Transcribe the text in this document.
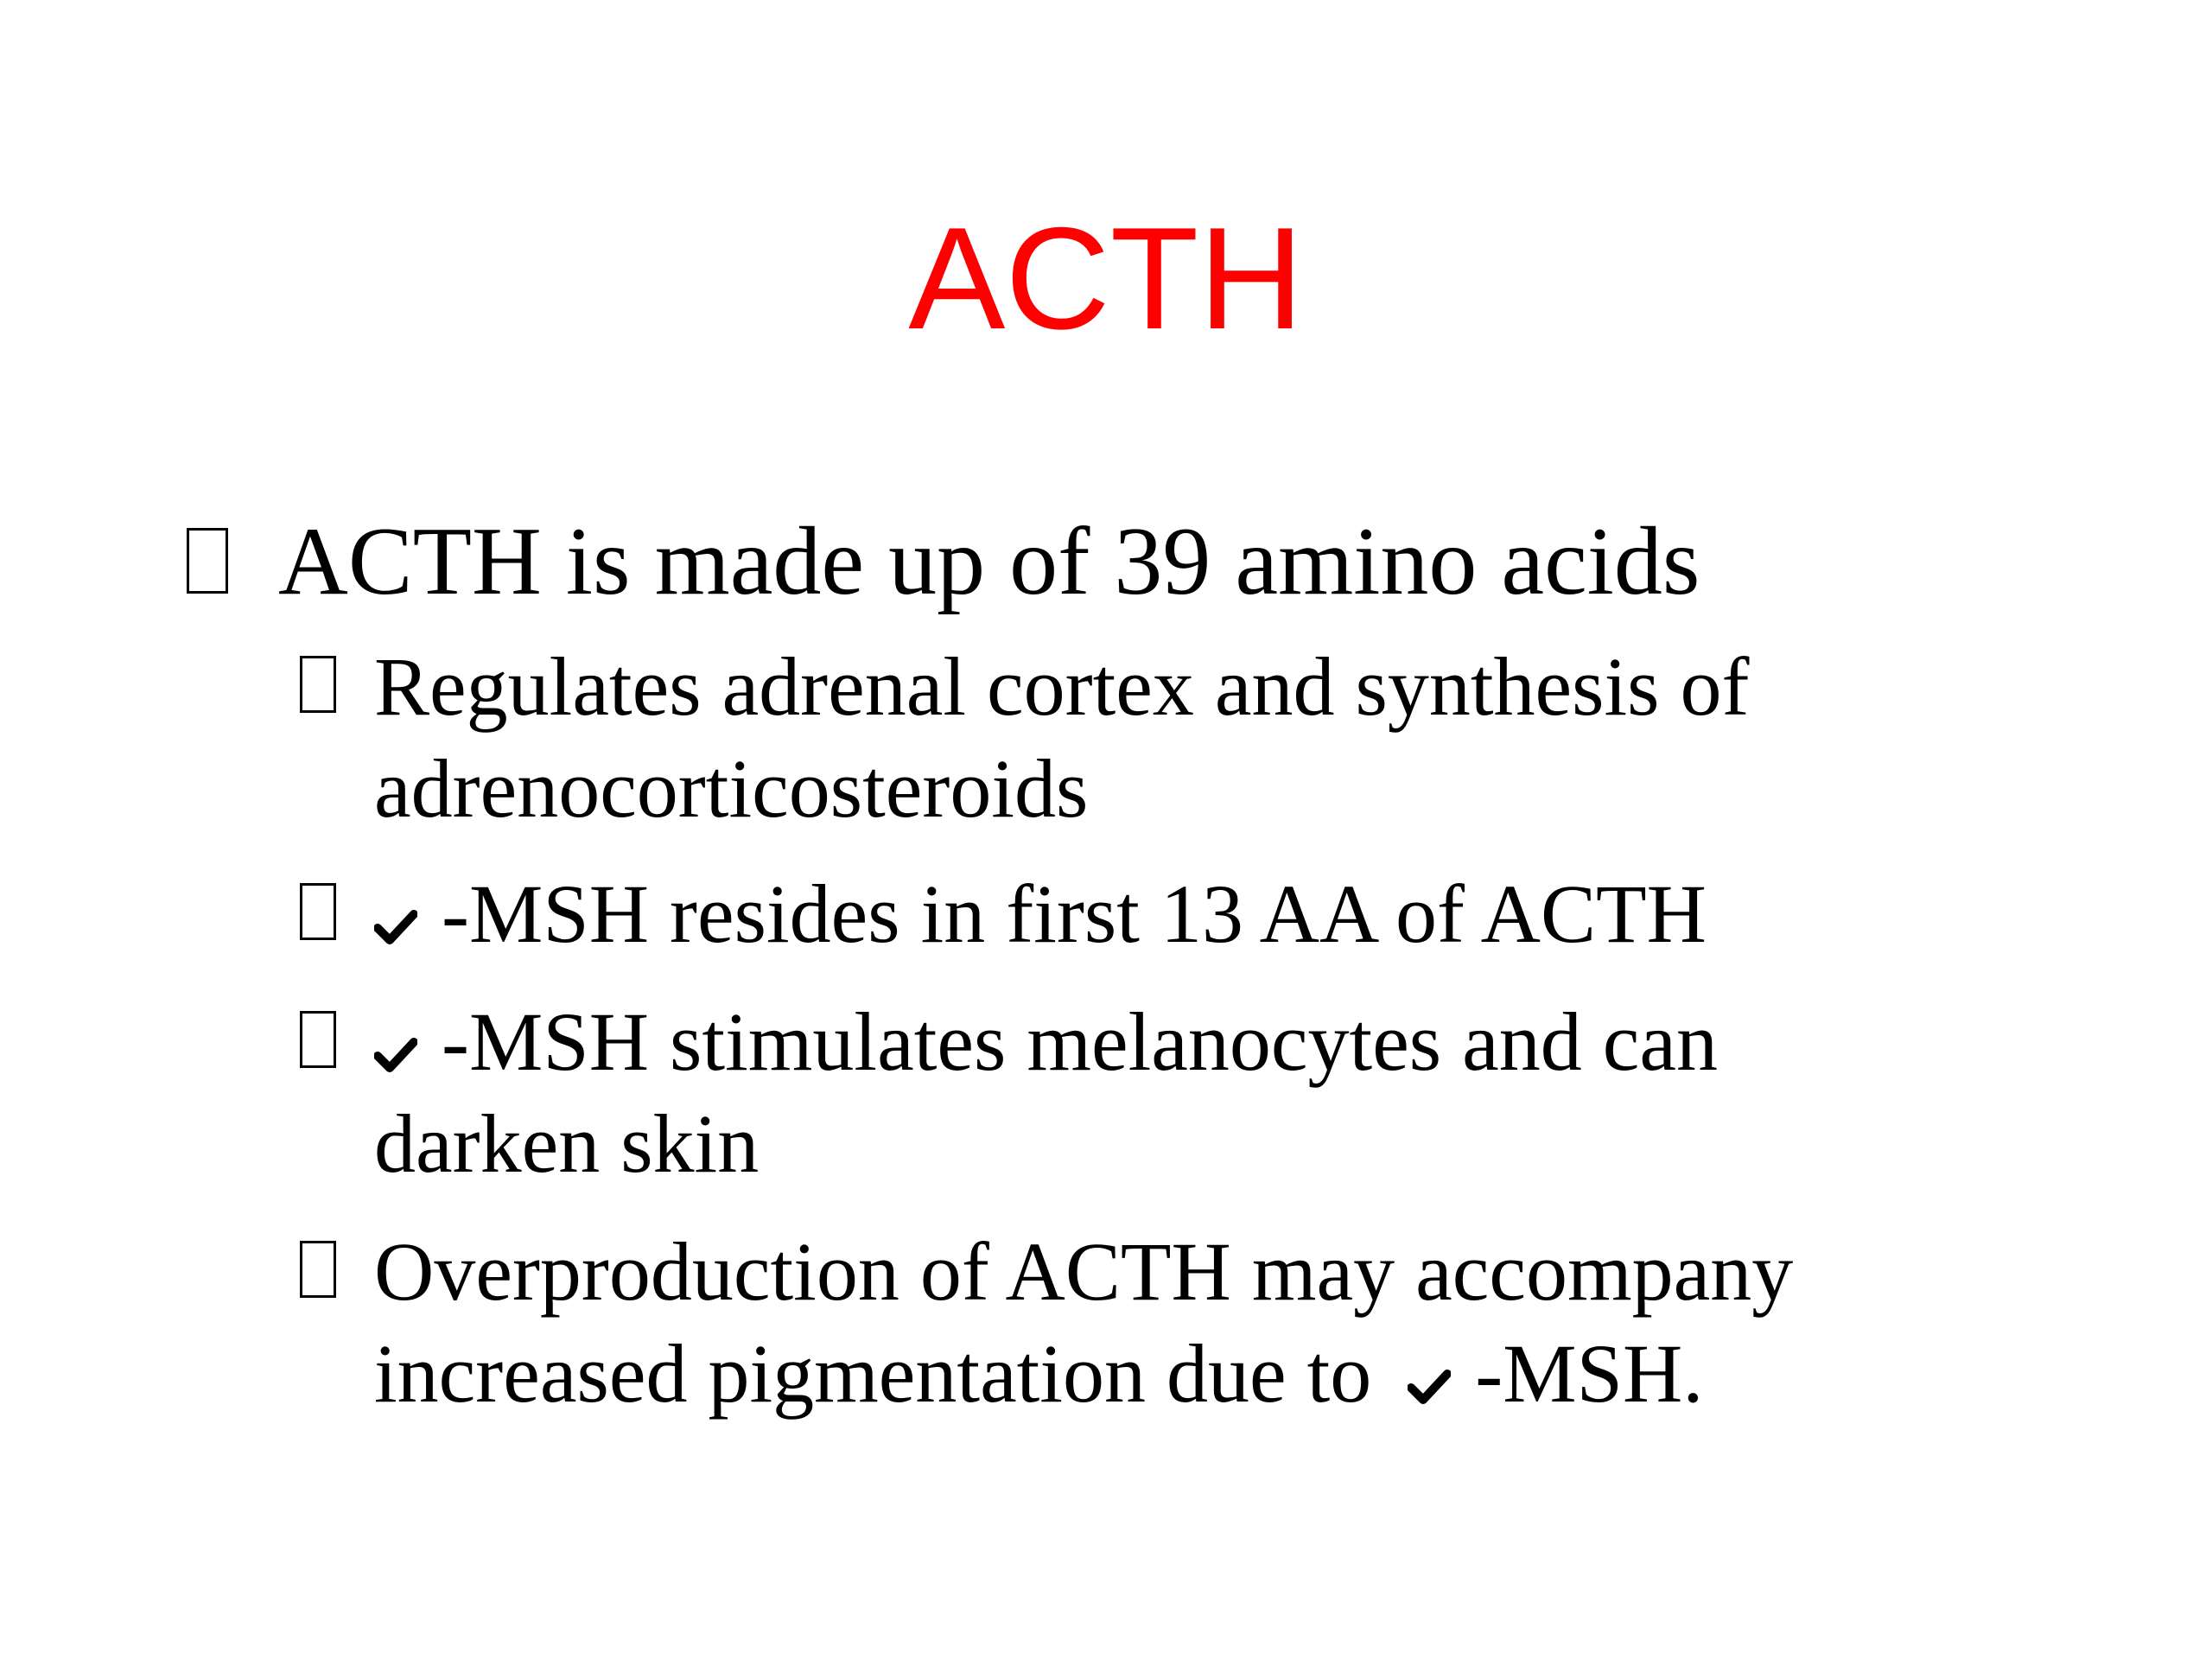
ACTH
ACTH is made up of 39 amino acids
Regulates adrenal cortex and synthesis of
adrenocorticosteroids
-MSH resides in first 13 AA of ACTH
-MSH stimulates melanocytes and can
darken skin
Overproduction of ACTH may accompany
increased pigmentation due to -MSH.
